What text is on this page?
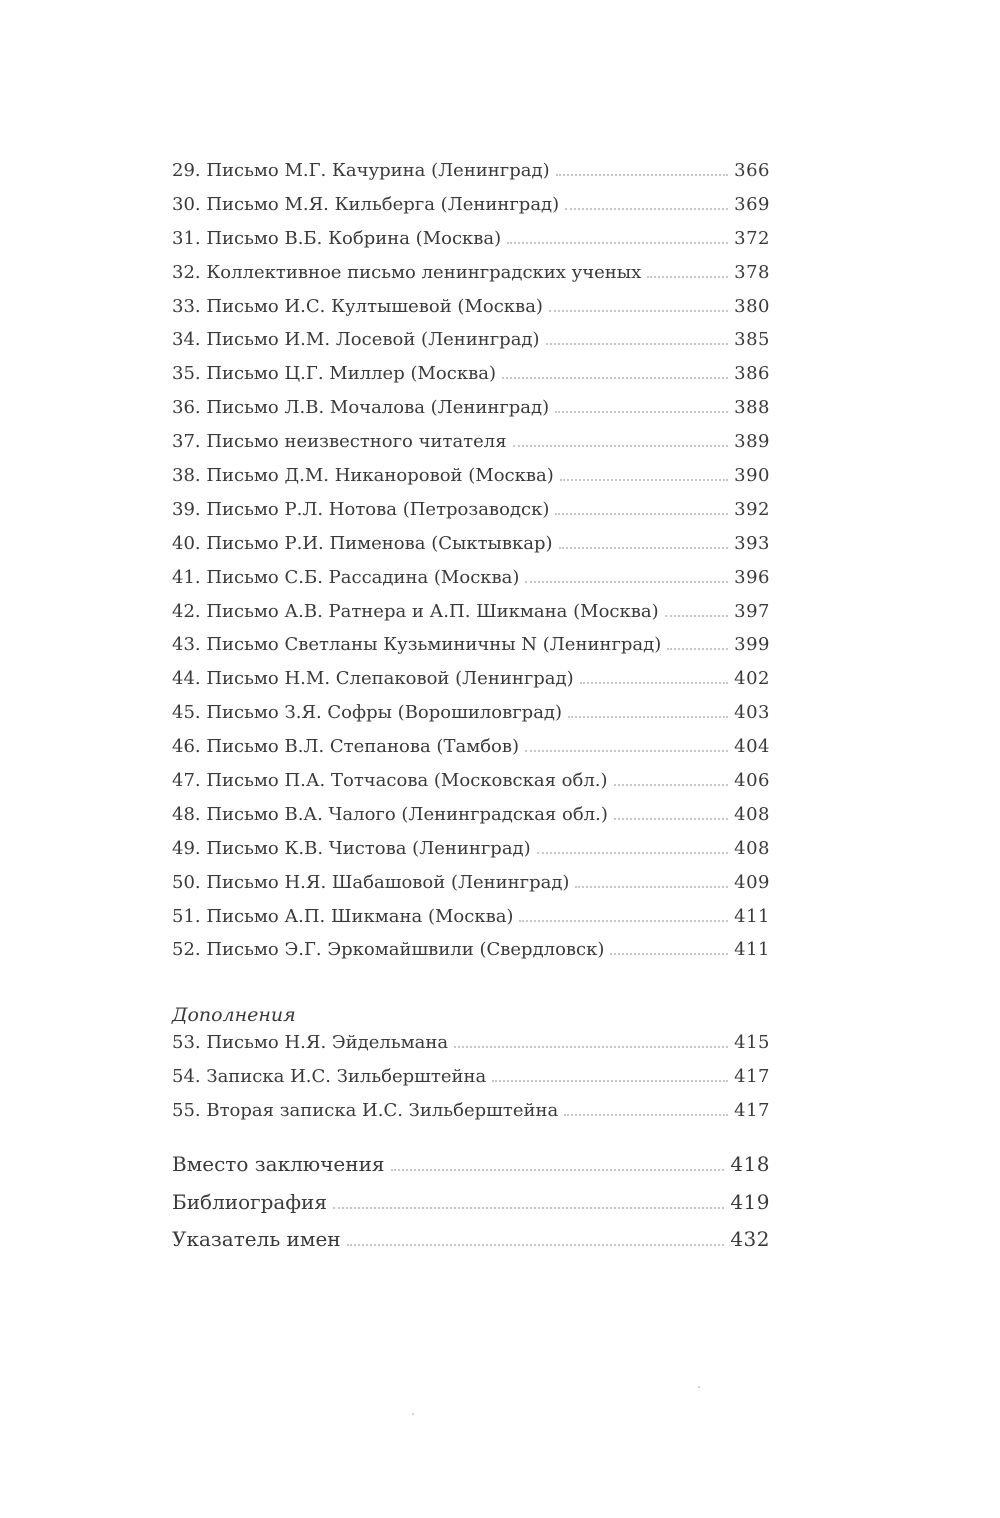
29. Письмо М.Г. Качурина (Ленинград)	366
30. Письмо М.Я. Кильберга (Ленинград)	369
31. Письмо В.Б. Кобрина (Москва)	372
32. Коллективное письмо ленинградских ученых	378
33. Письмо И.С. Култышевой (Москва)	380
34. Письмо И.М. Лосевой (Ленинград)	385
35. Письмо Ц.Г. Миллер (Москва)	386
36. Письмо Л.В. Мочалова (Ленинград)	388
37. Письмо неизвестного читателя	389
38. Письмо Д.М. Никаноровой (Москва)	390
39. Письмо Р.Л. Нотова (Петрозаводск)	392
40. Письмо Р.И. Пименова (Сыктывкар)	393
41. Письмо С.Б. Рассадина (Москва)	396
42. Письмо А.В. Ратнера и А.П. Шикмана (Москва)	397
43. Письмо Светланы Кузьминичны N (Ленинград)	399
44. Письмо Н.М. Слепаковой (Ленинград)	402
45. Письмо З.Я. Софры (Ворошиловград)	403
46. Письмо В.Л. Степанова (Тамбов)	404
47. Письмо П.А. Тотчасова (Московская обл.)	406
48. Письмо В.А. Чалого (Ленинградская обл.)	408
49. Письмо К.В. Чистова (Ленинград)	408
50. Письмо Н.Я. Шабашовой (Ленинград)	409
51. Письмо А.П. Шикмана (Москва)	411
52. Письмо Э.Г. Эркомайшвили (Свердловск)	411
Дополнения
53. Письмо Н.Я. Эйдельмана	415
54. Записка И.С. Зильберштейна	417
55. Вторая записка И.С. Зильберштейна	417
Вместо заключения	418
Библиография	419
Указатель имен	432
